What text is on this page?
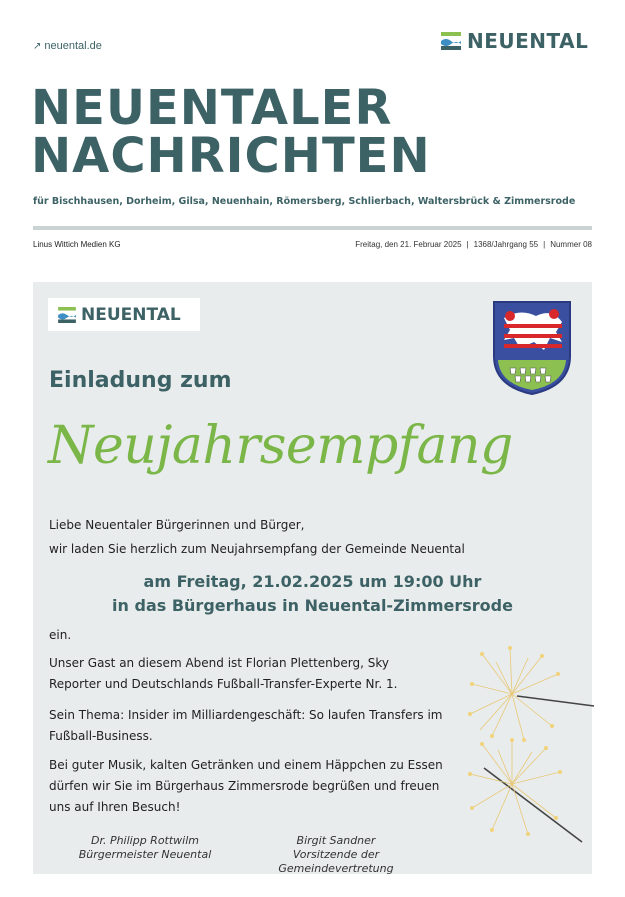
↗ neuental.de	NEUENTAL
NEUENTALER
NACHRICHTEN
für Bischhausen, Dorheim, Gilsa, Neuenhain, Römersberg, Schlierbach, Waltersbrück & Zimmersrode
Linus Wittich Medien KG	Freitag, den 21. Februar 2025 | 1368/Jahrgang 55 | Nummer 08
NEUENTAL
Einladung zum
Neujahrsempfang
Liebe Neuentaler Bürgerinnen und Bürger,
wir laden Sie herzlich zum Neujahrsempfang der Gemeinde Neuental
am Freitag, 21.02.2025 um 19:00 Uhr
in das Bürgerhaus in Neuental-Zimmersrode
ein.
Unser Gast an diesem Abend ist Florian Plettenberg, Sky Reporter und Deutschlands Fußball-Transfer-Experte Nr. 1.
Sein Thema: Insider im Milliardengeschäft: So laufen Transfers im Fußball-Business.
Bei guter Musik, kalten Getränken und einem Häppchen zu Essen dürfen wir Sie im Bürgerhaus Zimmersrode begrüßen und freuen uns auf Ihren Besuch!
Dr. Philipp Rottwilm
Bürgermeister Neuental
Birgit Sandner
Vorsitzende der Gemeindevertretung
